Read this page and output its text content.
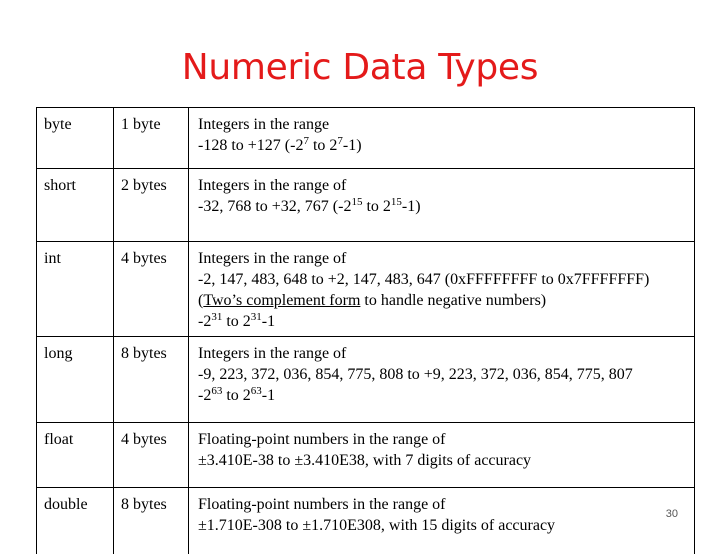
Numeric Data Types
byte	1 byte	Integers in the range
-128 to +127 ($-2^7$ to $2^7-1$)

short	2 bytes	Integers in the range of
-32, 768 to +32, 767 ($-2^{15}$ to $2^{15}-1$)

int	4 bytes	Integers in the range of
-2, 147, 483, 648 to +2, 147, 483, 647 (0xFFFFFFFF to 0x7FFFFFFF)
(Two’s complement form to handle negative numbers)
$-2^{31}$ to $2^{31}-1$

long	8 bytes	Integers in the range of
-9, 223, 372, 036, 854, 775, 808 to +9, 223, 372, 036, 854, 775, 807
$-2^{63}$ to $2^{63}-1$

float	4 bytes	Floating-point numbers in the range of
±3.410E-38 to ±3.410E38, with 7 digits of accuracy

double	8 bytes	Floating-point numbers in the range of
±1.710E-308 to ±1.710E308, with 15 digits of accuracy
30
